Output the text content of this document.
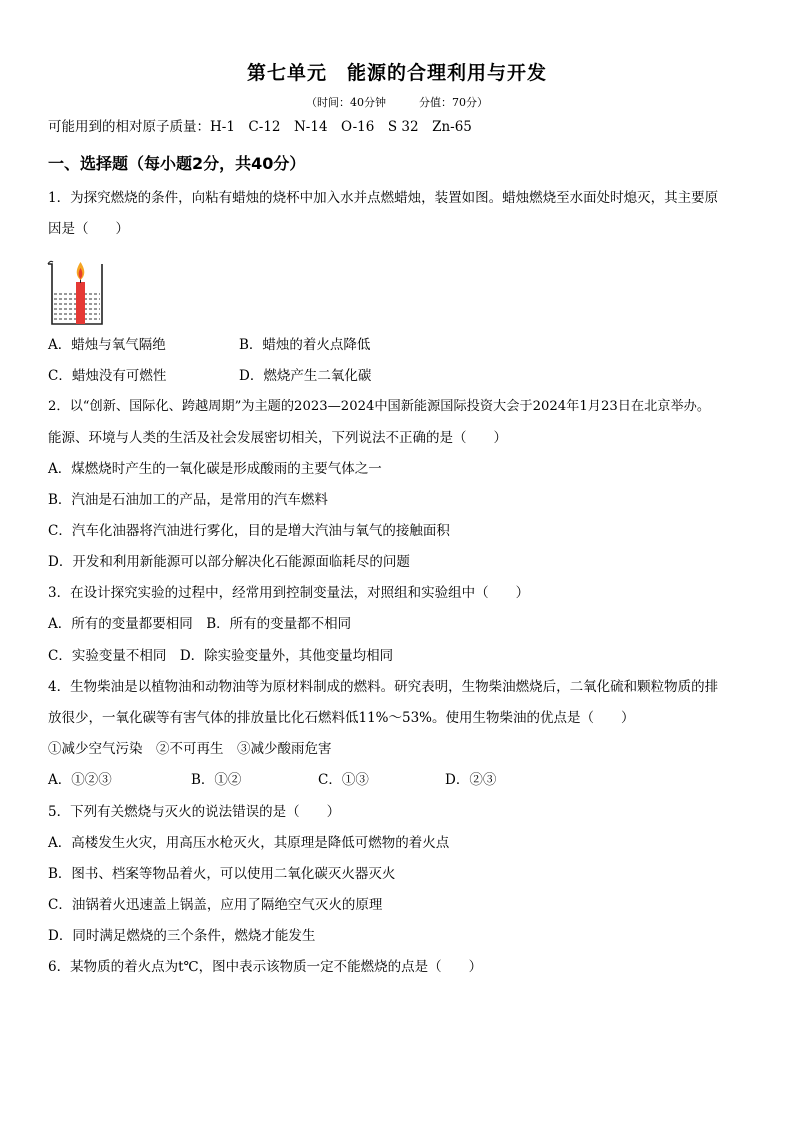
第七单元　能源的合理利用与开发
（时间：40分钟　　　分值：70分）
可能用到的相对原子质量：H-1　C-12　N-14　O-16　S 32　Zn-65
一、选择题（每小题2分，共40分）
1．为探究燃烧的条件，向粘有蜡烛的烧杯中加入水并点燃蜡烛，装置如图。蜡烛燃烧至水面处时熄灭，其主要原
因是（　　）
A．蜡烛与氧气隔绝	B．蜡烛的着火点降低
C．蜡烛没有可燃性	D．燃烧产生二氧化碳
2．以“创新、国际化、跨越周期”为主题的2023—2024中国新能源国际投资大会于2024年1月23日在北京举办。
能源、环境与人类的生活及社会发展密切相关，下列说法不正确的是（　　）
A．煤燃烧时产生的一氧化碳是形成酸雨的主要气体之一
B．汽油是石油加工的产品，是常用的汽车燃料
C．汽车化油器将汽油进行雾化，目的是增大汽油与氧气的接触面积
D．开发和利用新能源可以部分解决化石能源面临耗尽的问题
3．在设计探究实验的过程中，经常用到控制变量法，对照组和实验组中（　　）
A．所有的变量都要相同　B．所有的变量都不相同
C．实验变量不相同　D．除实验变量外，其他变量均相同
4．生物柴油是以植物油和动物油等为原材料制成的燃料。研究表明，生物柴油燃烧后，二氧化硫和颗粒物质的排
放很少，一氧化碳等有害气体的排放量比化石燃料低11%～53%。使用生物柴油的优点是（　　）
①减少空气污染　②不可再生　③减少酸雨危害
A．①②③	B．①②	C．①③	D．②③
5．下列有关燃烧与灭火的说法错误的是（　　）
A．高楼发生火灾，用高压水枪灭火，其原理是降低可燃物的着火点
B．图书、档案等物品着火，可以使用二氧化碳灭火器灭火
C．油锅着火迅速盖上锅盖，应用了隔绝空气灭火的原理
D．同时满足燃烧的三个条件，燃烧才能发生
6．某物质的着火点为t℃，图中表示该物质一定不能燃烧的点是（　　）
